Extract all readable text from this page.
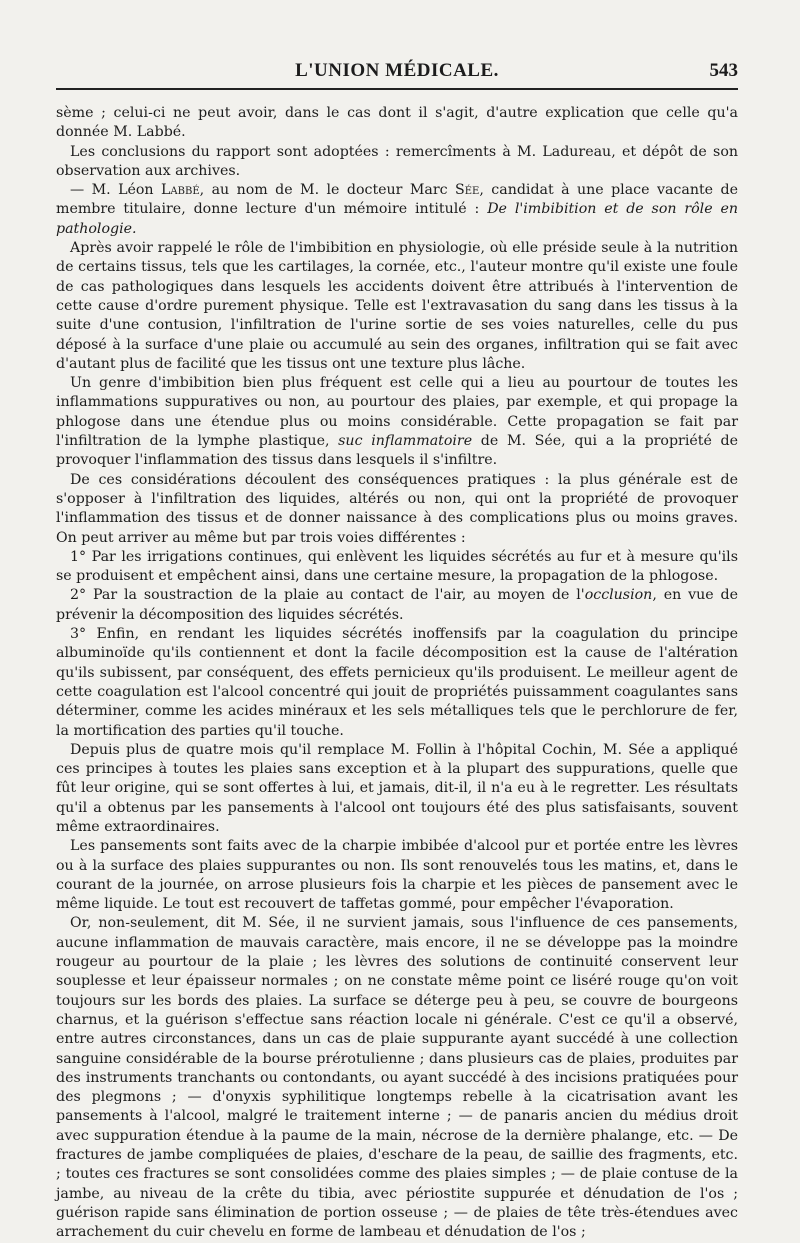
L'UNION MÉDICALE.	543

sème ; celui-ci ne peut avoir, dans le cas dont il s'agit, d'autre explication que celle qu'a donnée M. Labbé.

Les conclusions du rapport sont adoptées : remercîments à M. Ladureau, et dépôt de son observation aux archives.

— M. Léon Labbé, au nom de M. le docteur Marc Sée, candidat à une place vacante de membre titulaire, donne lecture d'un mémoire intitulé : De l'imbibition et de son rôle en pathologie.

Après avoir rappelé le rôle de l'imbibition en physiologie, où elle préside seule à la nutrition de certains tissus, tels que les cartilages, la cornée, etc., l'auteur montre qu'il existe une foule de cas pathologiques dans lesquels les accidents doivent être attribués à l'intervention de cette cause d'ordre purement physique. Telle est l'extravasation du sang dans les tissus à la suite d'une contusion, l'infiltration de l'urine sortie de ses voies naturelles, celle du pus déposé à la surface d'une plaie ou accumulé au sein des organes, infiltration qui se fait avec d'autant plus de facilité que les tissus ont une texture plus lâche.

Un genre d'imbibition bien plus fréquent est celle qui a lieu au pourtour de toutes les inflammations suppuratives ou non, au pourtour des plaies, par exemple, et qui propage la phlogose dans une étendue plus ou moins considérable. Cette propagation se fait par l'infiltration de la lymphe plastique, suc inflammatoire de M. Sée, qui a la propriété de provoquer l'inflammation des tissus dans lesquels il s'infiltre.

De ces considérations découlent des conséquences pratiques : la plus générale est de s'opposer à l'infiltration des liquides, altérés ou non, qui ont la propriété de provoquer l'inflammation des tissus et de donner naissance à des complications plus ou moins graves. On peut arriver au même but par trois voies différentes :

1° Par les irrigations continues, qui enlèvent les liquides sécrétés au fur et à mesure qu'ils se produisent et empêchent ainsi, dans une certaine mesure, la propagation de la phlogose.

2° Par la soustraction de la plaie au contact de l'air, au moyen de l'occlusion, en vue de prévenir la décomposition des liquides sécrétés.

3° Enfin, en rendant les liquides sécrétés inoffensifs par la coagulation du principe albuminoïde qu'ils contiennent et dont la facile décomposition est la cause de l'altération qu'ils subissent, par conséquent, des effets pernicieux qu'ils produisent. Le meilleur agent de cette coagulation est l'alcool concentré qui jouit de propriétés puissamment coagulantes sans déterminer, comme les acides minéraux et les sels métalliques tels que le perchlorure de fer, la mortification des parties qu'il touche.

Depuis plus de quatre mois qu'il remplace M. Follin à l'hôpital Cochin, M. Sée a appliqué ces principes à toutes les plaies sans exception et à la plupart des suppurations, quelle que fût leur origine, qui se sont offertes à lui, et jamais, dit-il, il n'a eu à le regretter. Les résultats qu'il a obtenus par les pansements à l'alcool ont toujours été des plus satisfaisants, souvent même extraordinaires.

Les pansements sont faits avec de la charpie imbibée d'alcool pur et portée entre les lèvres ou à la surface des plaies suppurantes ou non. Ils sont renouvelés tous les matins, et, dans le courant de la journée, on arrose plusieurs fois la charpie et les pièces de pansement avec le même liquide. Le tout est recouvert de taffetas gommé, pour empêcher l'évaporation.

Or, non-seulement, dit M. Sée, il ne survient jamais, sous l'influence de ces pansements, aucune inflammation de mauvais caractère, mais encore, il ne se développe pas la moindre rougeur au pourtour de la plaie ; les lèvres des solutions de continuité conservent leur souplesse et leur épaisseur normales ; on ne constate même point ce liséré rouge qu'on voit toujours sur les bords des plaies. La surface se déterge peu à peu, se couvre de bourgeons charnus, et la guérison s'effectue sans réaction locale ni générale. C'est ce qu'il a observé, entre autres circonstances, dans un cas de plaie suppurante ayant succédé à une collection sanguine considérable de la bourse prérotulienne ; dans plusieurs cas de plaies, produites par des instruments tranchants ou contondants, ou ayant succédé à des incisions pratiquées pour des plegmons ; — d'onyxis syphilitique longtemps rebelle à la cicatrisation avant les pansements à l'alcool, malgré le traitement interne ; — de panaris ancien du médius droit avec suppuration étendue à la paume de la main, nécrose de la dernière phalange, etc. — De fractures de jambe compliquées de plaies, d'eschare de la peau, de saillie des fragments, etc. ; toutes ces fractures se sont consolidées comme des plaies simples ; — de plaie contuse de la jambe, au niveau de la crête du tibia, avec périostite suppurée et dénudation de l'os ; guérison rapide sans élimination de portion osseuse ; — de plaies de tête très-étendues avec arrachement du cuir chevelu en forme de lambeau et dénudation de l'os ;
